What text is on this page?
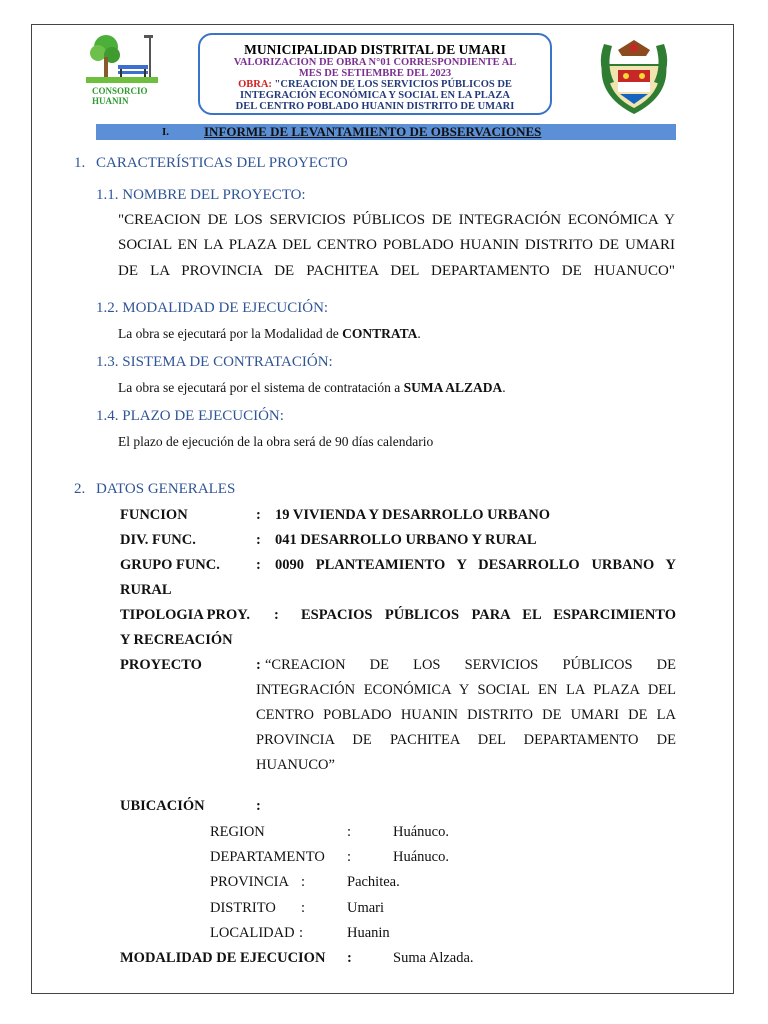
CONSORCIO
HUANIN
MUNICIPALIDAD DISTRITAL DE UMARI
VALORIZACION DE OBRA N°01 CORRESPONDIENTE AL
MES DE SETIEMBRE DEL 2023
OBRA: "CREACION DE LOS SERVICIOS PÚBLICOS DE
INTEGRACIÓN ECONÓMICA Y SOCIAL EN LA PLAZA
DEL CENTRO POBLADO HUANIN DISTRITO DE UMARI
I.	INFORME DE LEVANTAMIENTO DE OBSERVACIONES
1. CARACTERÍSTICAS DEL PROYECTO
1.1. NOMBRE DEL PROYECTO:
"CREACION DE LOS SERVICIOS PÚBLICOS DE INTEGRACIÓN ECONÓMICA Y
SOCIAL EN LA PLAZA DEL CENTRO POBLADO HUANIN DISTRITO DE UMARI
DE LA PROVINCIA DE PACHITEA DEL DEPARTAMENTO DE HUANUCO"
1.2. MODALIDAD DE EJECUCIÓN:
La obra se ejecutará por la Modalidad de CONTRATA.
1.3. SISTEMA DE CONTRATACIÓN:
La obra se ejecutará por el sistema de contratación a SUMA ALZADA.
1.4. PLAZO DE EJECUCIÓN:
El plazo de ejecución de la obra será de 90 días calendario
2. DATOS GENERALES
FUNCION	: 19 VIVIENDA Y DESARROLLO URBANO
DIV. FUNC.	: 041 DESARROLLO URBANO Y RURAL
GRUPO FUNC. : 0090 PLANTEAMIENTO Y DESARROLLO URBANO Y
RURAL
TIPOLOGIA PROY. : ESPACIOS PÚBLICOS PARA EL ESPARCIMIENTO
Y RECREACIÓN
PROYECTO	: “CREACION DE LOS SERVICIOS PÚBLICOS DE
INTEGRACIÓN ECONÓMICA Y SOCIAL EN LA PLAZA DEL
CENTRO POBLADO HUANIN DISTRITO DE UMARI DE LA
PROVINCIA DE PACHITEA DEL DEPARTAMENTO DE
HUANUCO”
UBICACIÓN	:
REGION	:	Huánuco.
DEPARTAMENTO :	Huánuco.
PROVINCIA :	Pachitea.
DISTRITO :	Umari
LOCALIDAD :	Huanin
MODALIDAD DE EJECUCION :	Suma Alzada.
